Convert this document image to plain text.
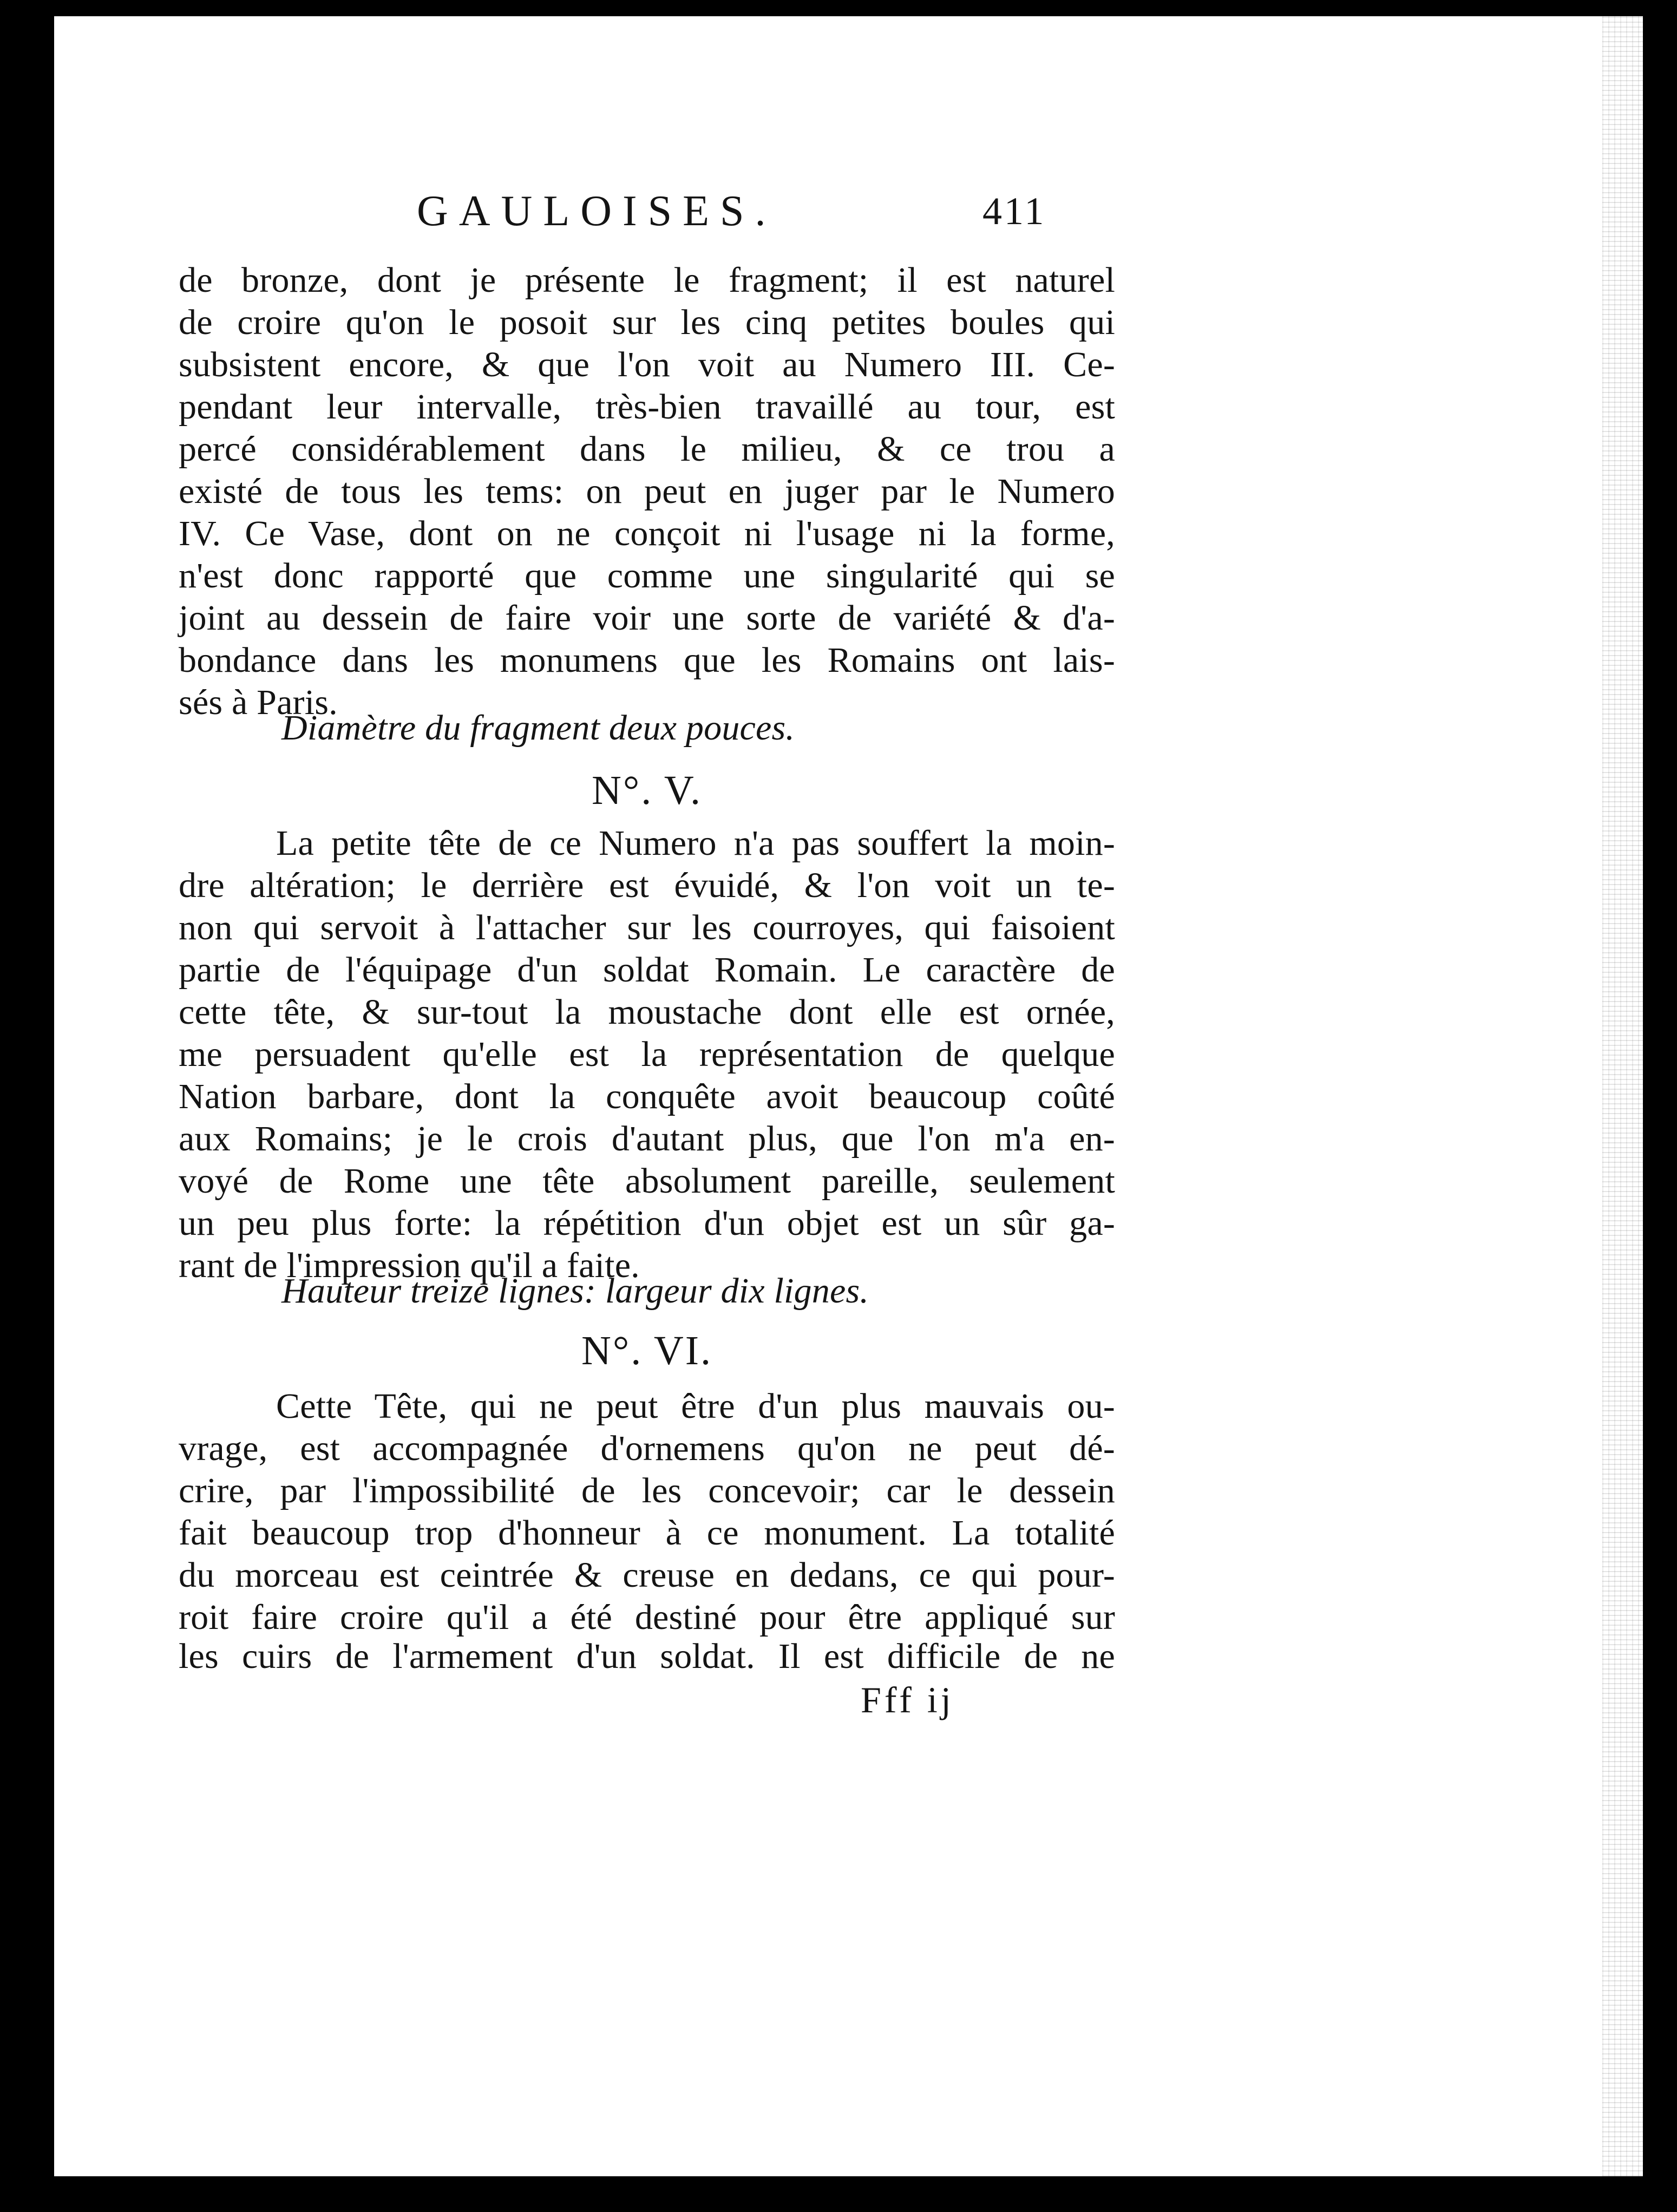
GAULOISES.	411
de bronze, dont je présente le fragment; il est naturel
de croire qu'on le posoit sur les cinq petites boules qui
subsistent encore, & que l'on voit au Numero III. Ce-
pendant leur intervalle, très-bien travaillé au tour, est
percé considérablement dans le milieu, & ce trou a
existé de tous les tems: on peut en juger par le Numero
IV. Ce Vase, dont on ne conçoit ni l'usage ni la forme,
n'est donc rapporté que comme une singularité qui se
joint au dessein de faire voir une sorte de variété & d'a-
bondance dans les monumens que les Romains ont lais-
sés à Paris.
Diamètre du fragment deux pouces.
N°. V.
La petite tête de ce Numero n'a pas souffert la moin-
dre altération; le derrière est évuidé, & l'on voit un te-
non qui servoit à l'attacher sur les courroyes, qui faisoient
partie de l'équipage d'un soldat Romain. Le caractère de
cette tête, & sur-tout la moustache dont elle est ornée,
me persuadent qu'elle est la représentation de quelque
Nation barbare, dont la conquête avoit beaucoup coûté
aux Romains; je le crois d'autant plus, que l'on m'a en-
voyé de Rome une tête absolument pareille, seulement
un peu plus forte: la répétition d'un objet est un sûr ga-
rant de l'impression qu'il a faite.
Hauteur treize lignes: largeur dix lignes.
N°. VI.
Cette Tête, qui ne peut être d'un plus mauvais ou-
vrage, est accompagnée d'ornemens qu'on ne peut dé-
crire, par l'impossibilité de les concevoir; car le dessein
fait beaucoup trop d'honneur à ce monument. La totalité
du morceau est ceintrée & creuse en dedans, ce qui pour-
roit faire croire qu'il a été destiné pour être appliqué sur
les cuirs de l'armement d'un soldat. Il est difficile de ne
Fff ij
